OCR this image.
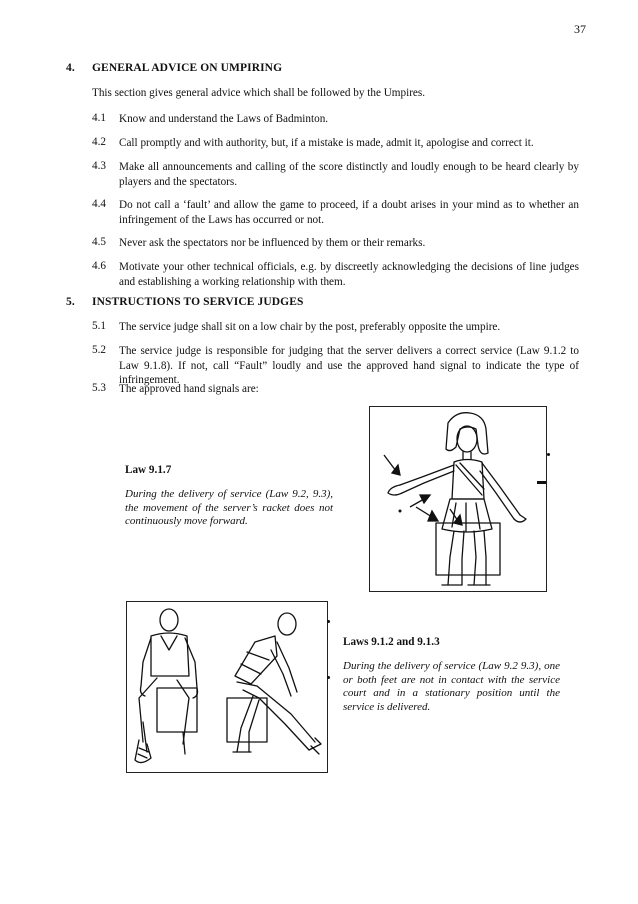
37
4. GENERAL ADVICE ON UMPIRING
This section gives general advice which shall be followed by the Umpires.
4.1 Know and understand the Laws of Badminton.
4.2 Call promptly and with authority, but, if a mistake is made, admit it, apologise and correct it.
4.3 Make all announcements and calling of the score distinctly and loudly enough to be heard clearly by players and the spectators.
4.4 Do not call a ‘fault’ and allow the game to proceed, if a doubt arises in your mind as to whether an infringement of the Laws has occurred or not.
4.5 Never ask the spectators nor be influenced by them or their remarks.
4.6 Motivate your other technical officials, e.g. by discreetly acknowledging the decisions of line judges and establishing a working relationship with them.
5. INSTRUCTIONS TO SERVICE JUDGES
5.1 The service judge shall sit on a low chair by the post, preferably opposite the umpire.
5.2 The service judge is responsible for judging that the server delivers a correct service (Law 9.1.2 to Law 9.1.8). If not, call “Fault” loudly and use the approved hand signal to indicate the type of infringement.
5.3 The approved hand signals are:
Law 9.1.7
During the delivery of service (Law 9.2, 9.3), the movement of the server’s racket does not continuously move forward.
Laws 9.1.2 and 9.1.3
During the delivery of service (Law 9.2 9.3), one or both feet are not in contact with the service court and in a stationary position until the service is delivered.
